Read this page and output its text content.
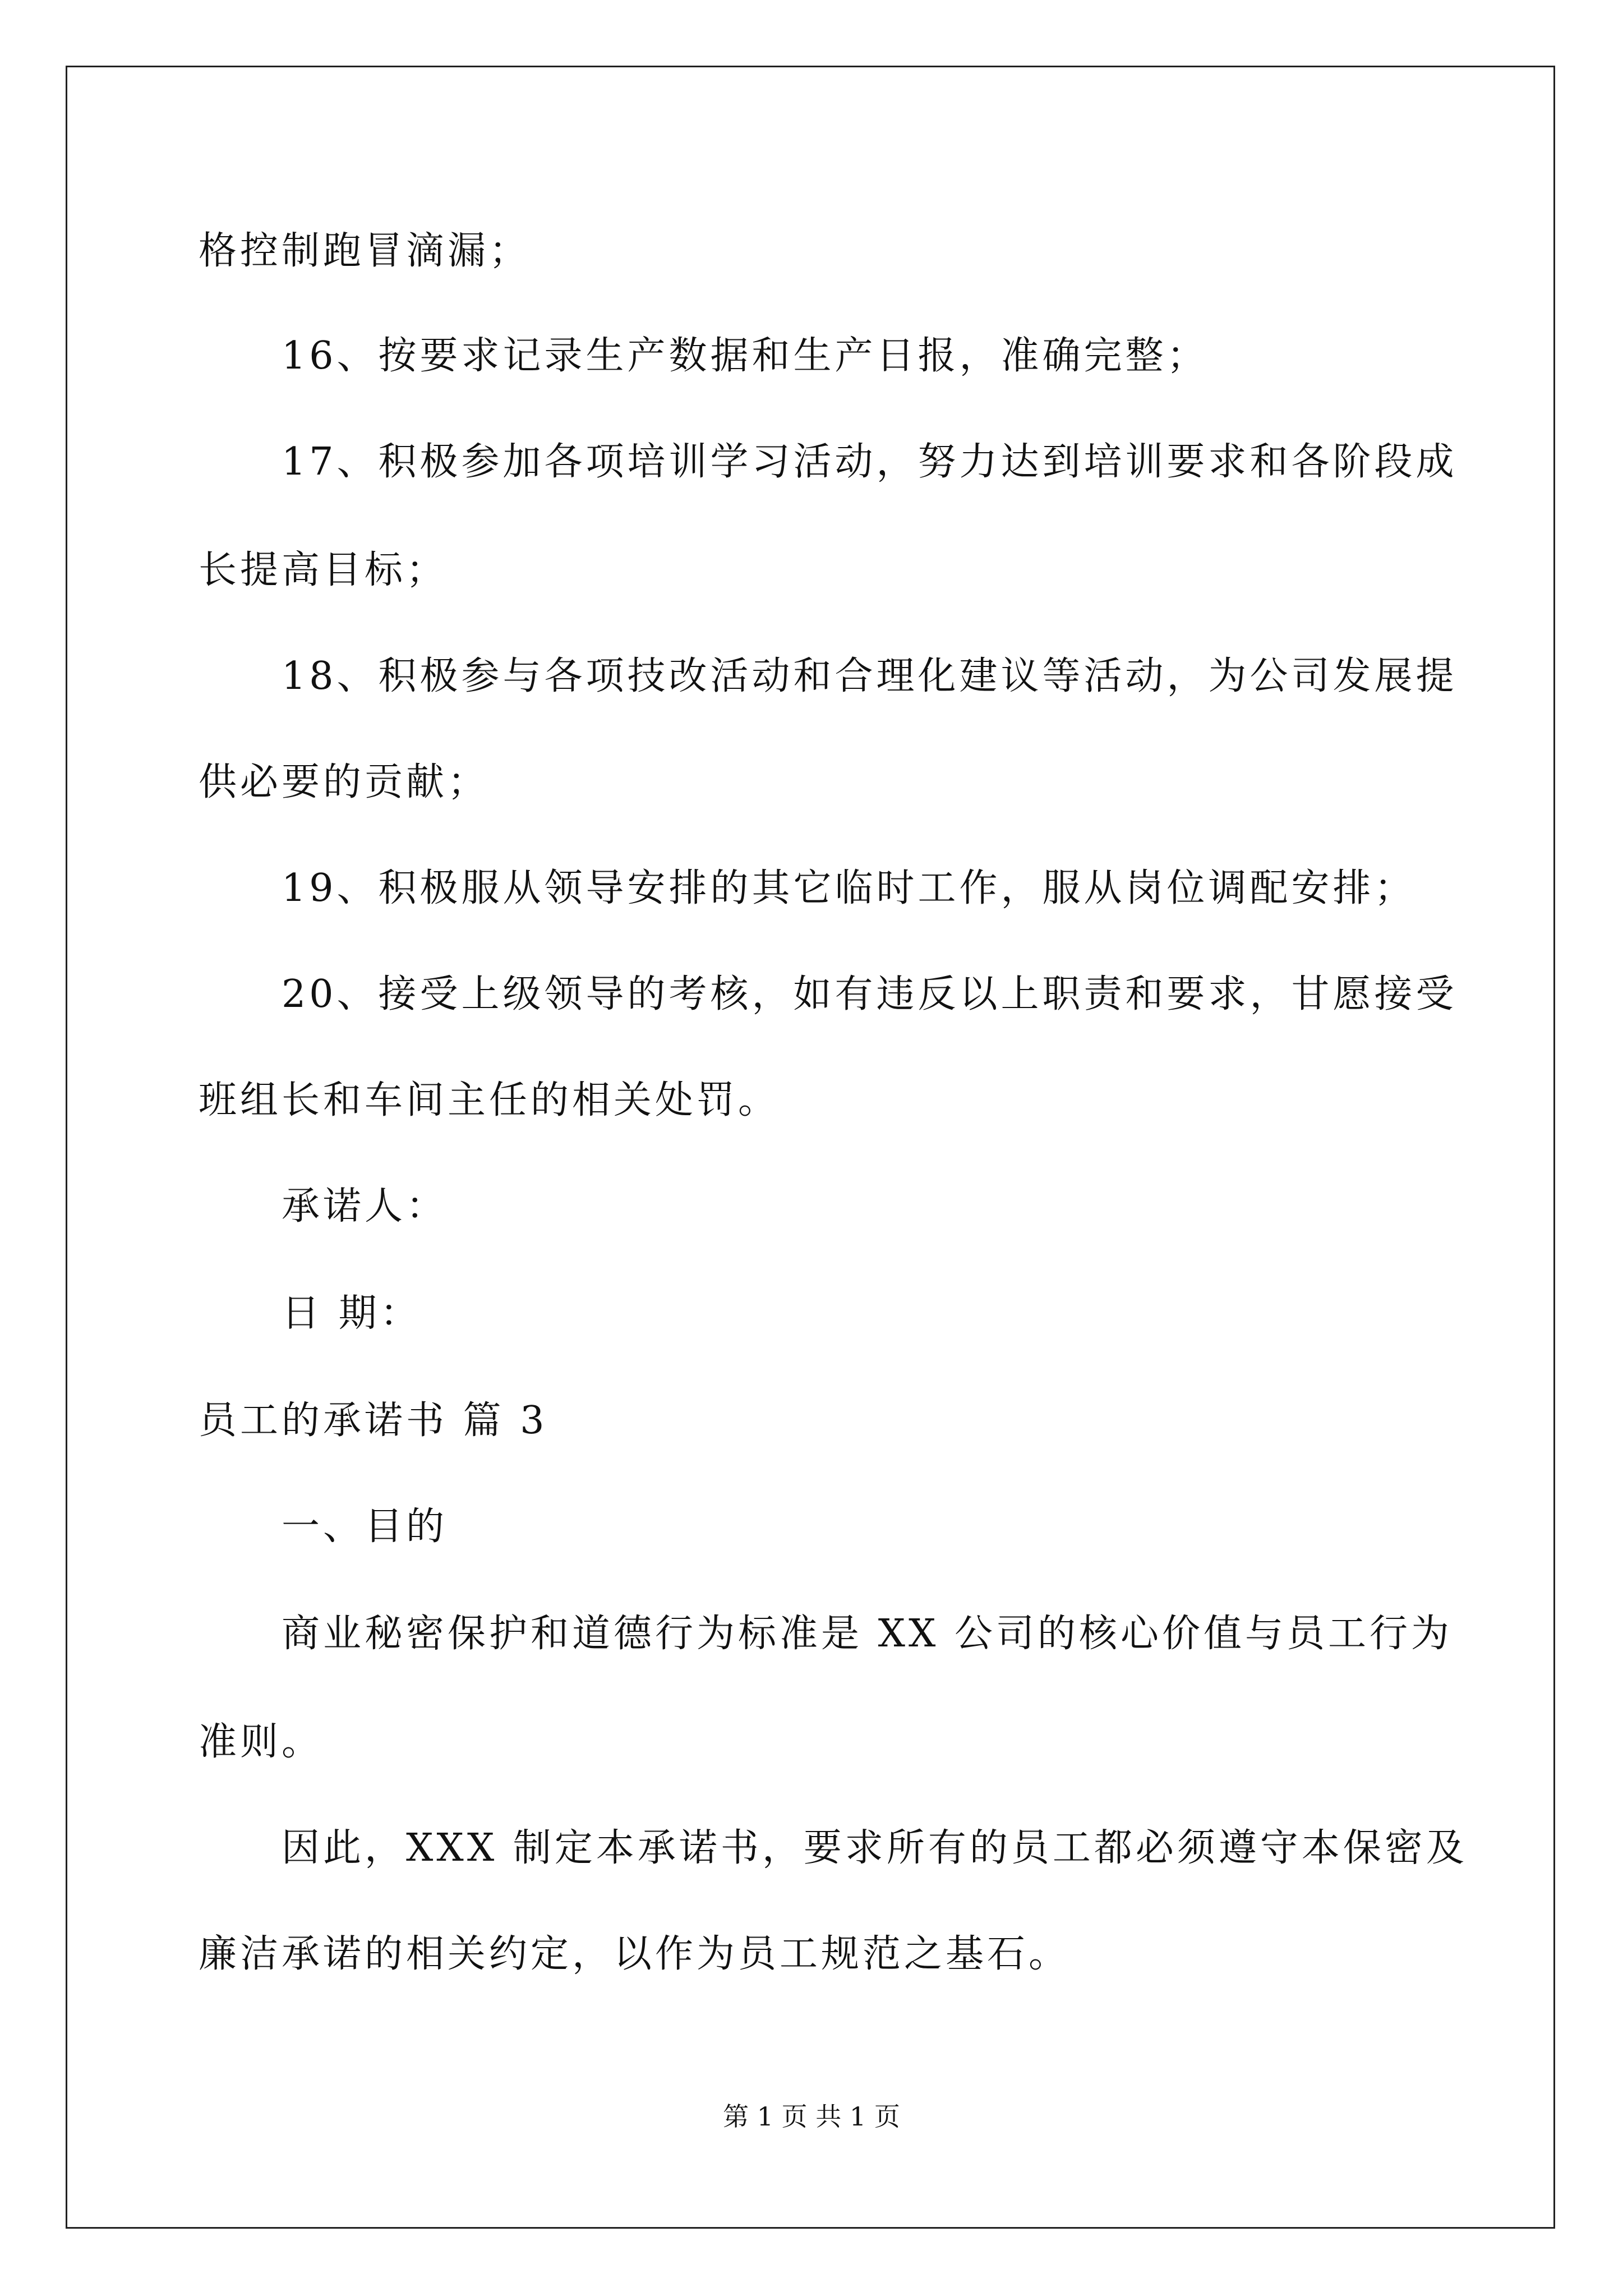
格控制跑冒滴漏；
16、按要求记录生产数据和生产日报，准确完整；
17、积极参加各项培训学习活动，努力达到培训要求和各阶段成
长提高目标；
18、积极参与各项技改活动和合理化建议等活动，为公司发展提
供必要的贡献；
19、积极服从领导安排的其它临时工作，服从岗位调配安排；
20、接受上级领导的考核，如有违反以上职责和要求，甘愿接受
班组长和车间主任的相关处罚。
承诺人：
日 期：
员工的承诺书 篇 3
一、目的
商业秘密保护和道德行为标准是 XX 公司的核心价值与员工行为
准则。
因此，XXX 制定本承诺书，要求所有的员工都必须遵守本保密及
廉洁承诺的相关约定，以作为员工规范之基石。
第 1 页 共 1 页
